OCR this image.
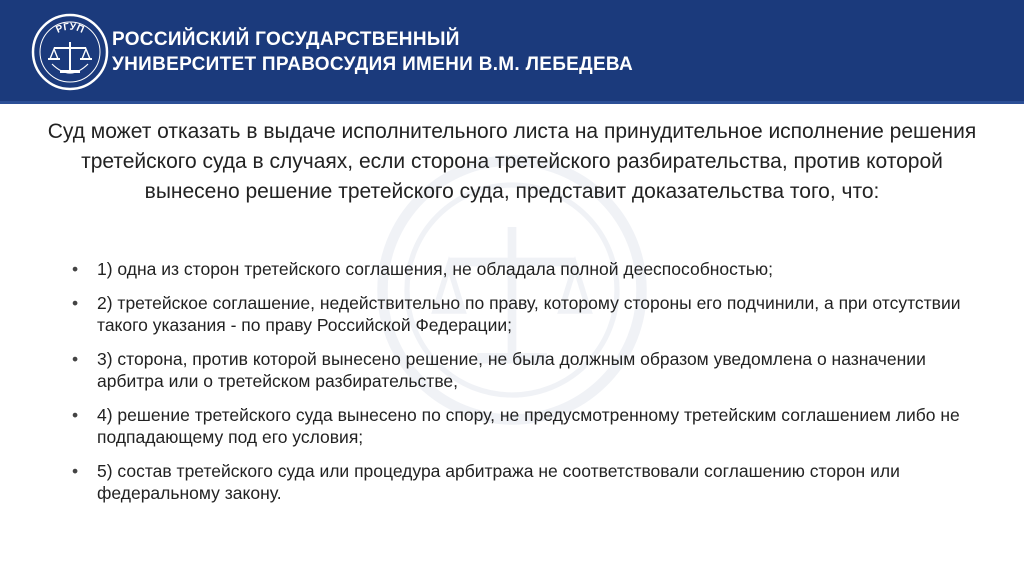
РГУП РОССИЙСКИЙ ГОСУДАРСТВЕННЫЙ
УНИВЕРСИТЕТ ПРАВОСУДИЯ ИМЕНИ В.М. ЛЕБЕДЕВА
Суд может отказать в выдаче исполнительного листа на принудительное исполнение решения третейского суда в случаях, если сторона третейского разбирательства, против которой вынесено решение третейского суда, представит доказательства того, что:
• 1) одна из сторон третейского соглашения, не обладала полной дееспособностью;
• 2) третейское соглашение, недействительно по праву, которому стороны его подчинили, а при отсутствии такого указания - по праву Российской Федерации;
• 3) сторона, против которой вынесено решение, не была должным образом уведомлена о назначении арбитра или о третейском разбирательстве,
• 4) решение третейского суда вынесено по спору, не предусмотренному третейским соглашением либо не подпадающему под его условия;
• 5) состав третейского суда или процедура арбитража не соответствовали соглашению сторон или федеральному закону.
